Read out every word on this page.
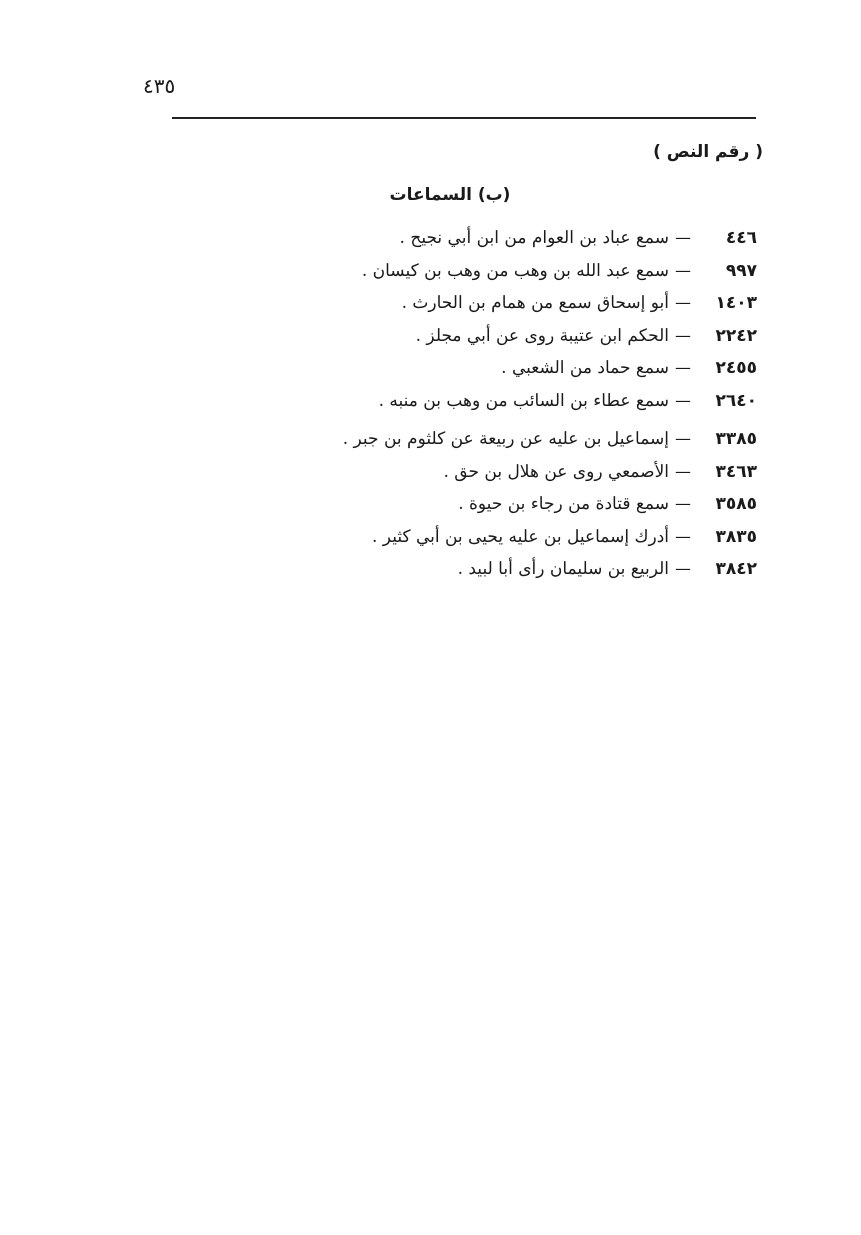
٤٣٥
( رقم النص )
(ب) السماعات
٤٤٦
—
سمع عباد بن العوام من ابن أبي نجيح .
٩٩٧
—
سمع عبد الله بن وهب من وهب بن كيسان .
١٤٠٣
—
أبو إسحاق سمع من همام بن الحارث .
٢٢٤٢
—
الحكم ابن عتيبة روى عن أبي مجلز .
٢٤٥٥
—
سمع حماد من الشعبي .
٢٦٤٠
—
سمع عطاء بن السائب من وهب بن منبه .
٣٣٨٥
—
إسماعيل بن عليه عن ربيعة عن كلثوم بن جبر .
٣٤٦٣
—
الأصمعي روى عن هلال بن حق .
٣٥٨٥
—
سمع قتادة من رجاء بن حيوة .
٣٨٣٥
—
أدرك إسماعيل بن عليه يحيى بن أبي كثير .
٣٨٤٢
—
الربيع بن سليمان رأى أبا لبيد .
